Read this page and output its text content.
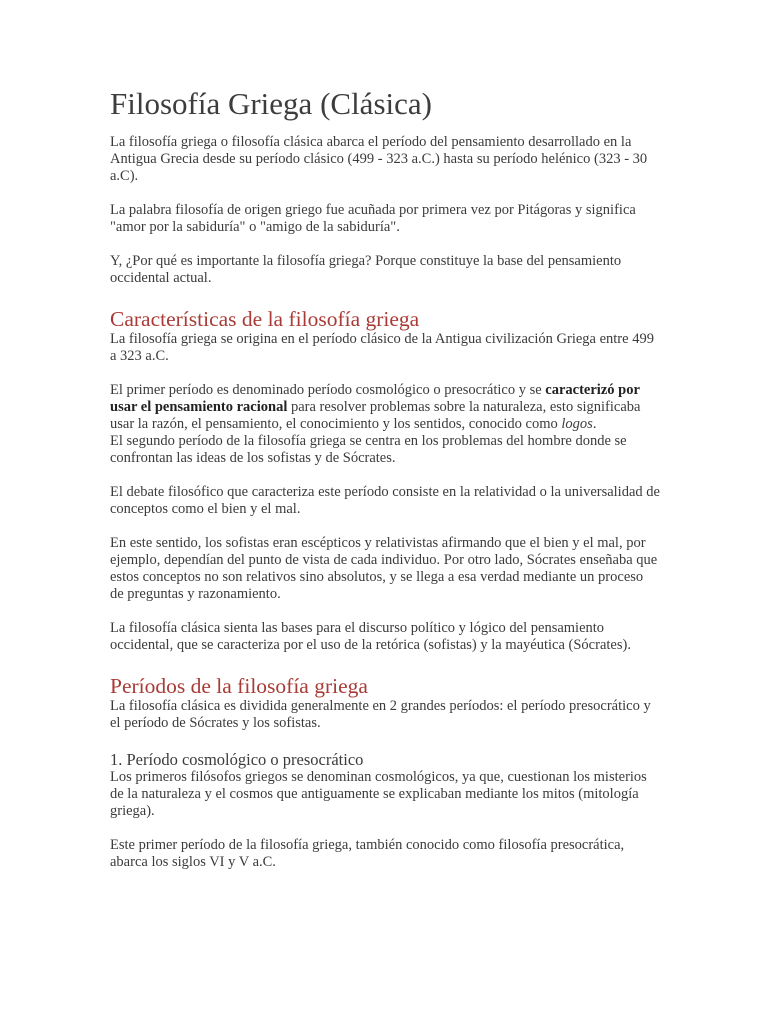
Filosofía Griega (Clásica)

La filosofía griega o filosofía clásica abarca el período del pensamiento desarrollado en la Antigua Grecia desde su período clásico (499 - 323 a.C.) hasta su período helénico (323 - 30 a.C).

La palabra filosofía de origen griego fue acuñada por primera vez por Pitágoras y significa "amor por la sabiduría" o "amigo de la sabiduría".

Y, ¿Por qué es importante la filosofía griega? Porque constituye la base del pensamiento occidental actual.

Características de la filosofía griega

La filosofía griega se origina en el período clásico de la Antigua civilización Griega entre 499 a 323 a.C.

El primer período es denominado período cosmológico o presocrático y se caracterizó por usar el pensamiento racional para resolver problemas sobre la naturaleza, esto significaba usar la razón, el pensamiento, el conocimiento y los sentidos, conocido como logos.

El segundo período de la filosofía griega se centra en los problemas del hombre donde se confrontan las ideas de los sofistas y de Sócrates.

El debate filosófico que caracteriza este período consiste en la relatividad o la universalidad de conceptos como el bien y el mal.

En este sentido, los sofistas eran escépticos y relativistas afirmando que el bien y el mal, por ejemplo, dependían del punto de vista de cada individuo. Por otro lado, Sócrates enseñaba que estos conceptos no son relativos sino absolutos, y se llega a esa verdad mediante un proceso de preguntas y razonamiento.

La filosofía clásica sienta las bases para el discurso político y lógico del pensamiento occidental, que se caracteriza por el uso de la retórica (sofistas) y la mayéutica (Sócrates).

Períodos de la filosofía griega

La filosofía clásica es dividida generalmente en 2 grandes períodos: el período presocrático y el período de Sócrates y los sofistas.

1. Período cosmológico o presocrático

Los primeros filósofos griegos se denominan cosmológicos, ya que, cuestionan los misterios de la naturaleza y el cosmos que antiguamente se explicaban mediante los mitos (mitología griega).

Este primer período de la filosofía griega, también conocido como filosofía presocrática, abarca los siglos VI y V a.C.
